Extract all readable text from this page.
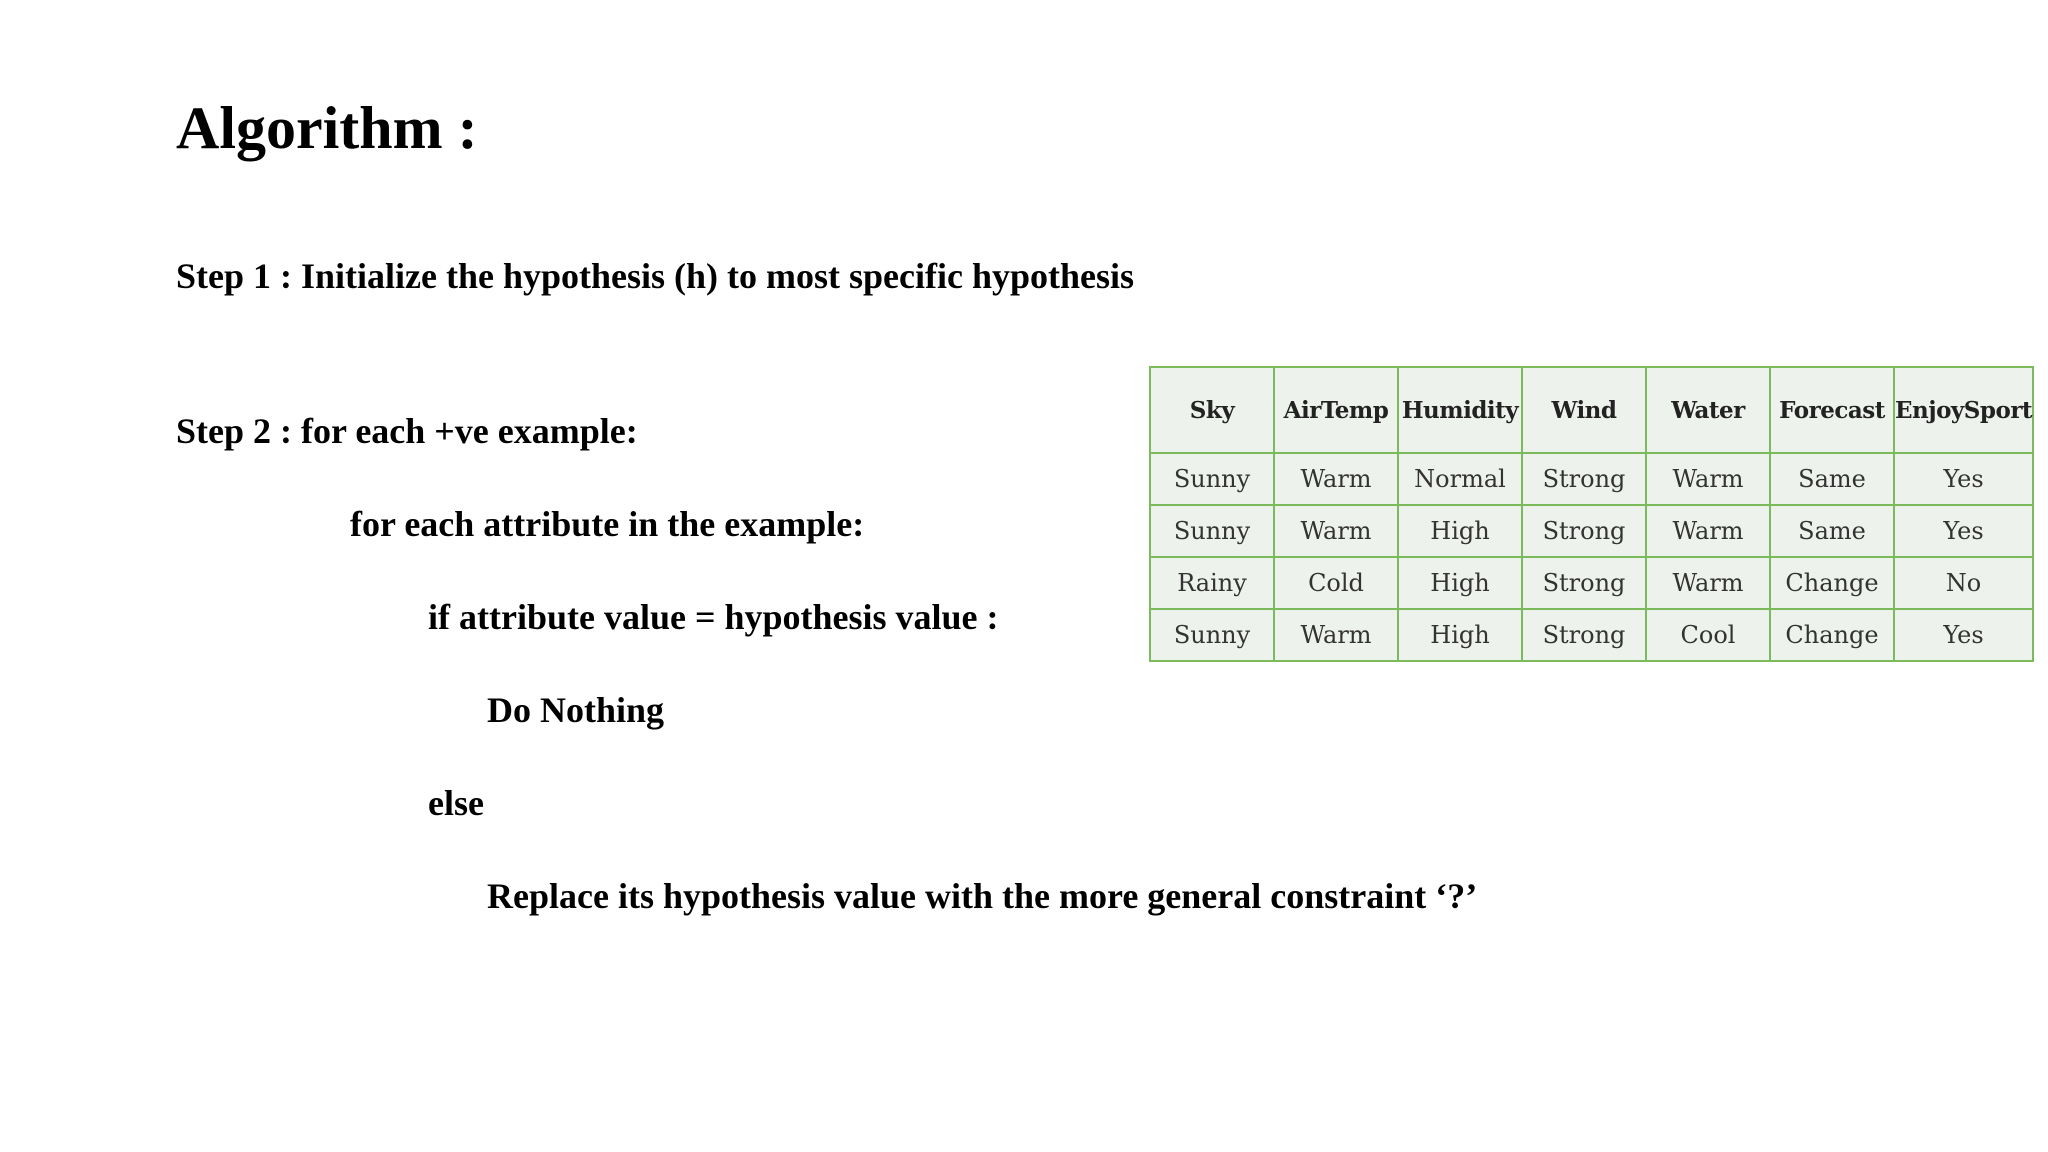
Algorithm :
Step 1 : Initialize the hypothesis (h) to most specific hypothesis
Step 2 : for each +ve example:
for each attribute in the example:
if attribute value = hypothesis value :
Do Nothing
else
Replace its hypothesis value with the more general constraint ‘?’
Sky	AirTemp	Humidity	Wind	Water	Forecast	EnjoySport
Sunny	Warm	Normal	Strong	Warm	Same	Yes
Sunny	Warm	High	Strong	Warm	Same	Yes
Rainy	Cold	High	Strong	Warm	Change	No
Sunny	Warm	High	Strong	Cool	Change	Yes
